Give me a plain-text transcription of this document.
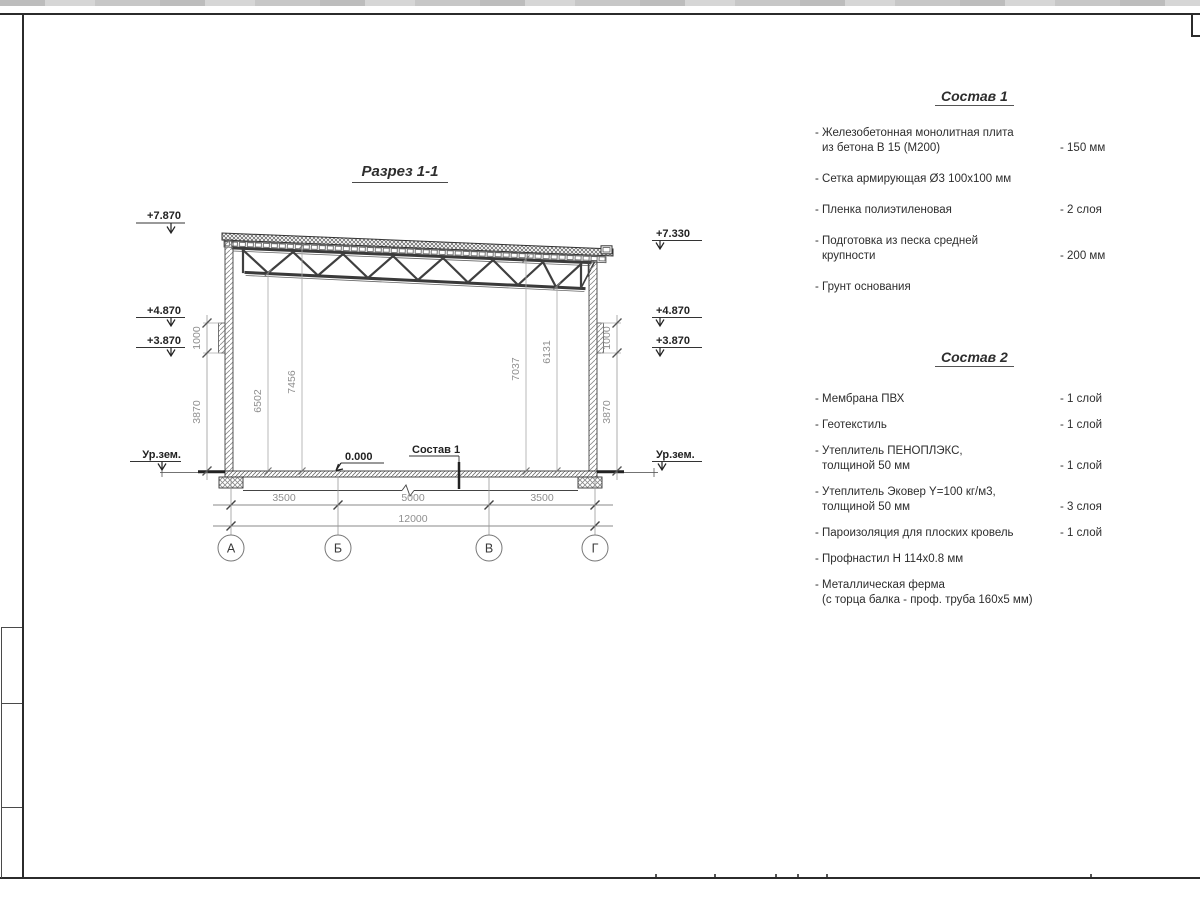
Разрез 1-1
6502
7456
7037
6131
1000
3870
1000
3870
+7.870
+4.870
+3.870
Ур.зем.
+7.330
+4.870
+3.870
Ур.зем.
0.000
Состав 1
3500	5000	3500
12000
А	Б	В	Г
Состав 1
- Железобетонная монолитная плита
из бетона В 15 (М200)	- 150 мм
- Сетка армирующая Ø3 100х100 мм
- Пленка полиэтиленовая	- 2 слоя
- Подготовка из песка средней
крупности	- 200 мм
- Грунт основания
Состав 2
- Мембрана ПВХ	- 1 слой
- Геотекстиль	- 1 слой
- Утеплитель ПЕНОПЛЭКС,
толщиной 50 мм	- 1 слой
- Утеплитель Эковер Y=100 кг/м3,
толщиной 50 мм	- 3 слоя
- Пароизоляция для плоских кровель	- 1 слой
- Профнастил Н 114х0.8 мм
- Металлическая ферма
(с торца балка - проф. труба 160х5 мм)
